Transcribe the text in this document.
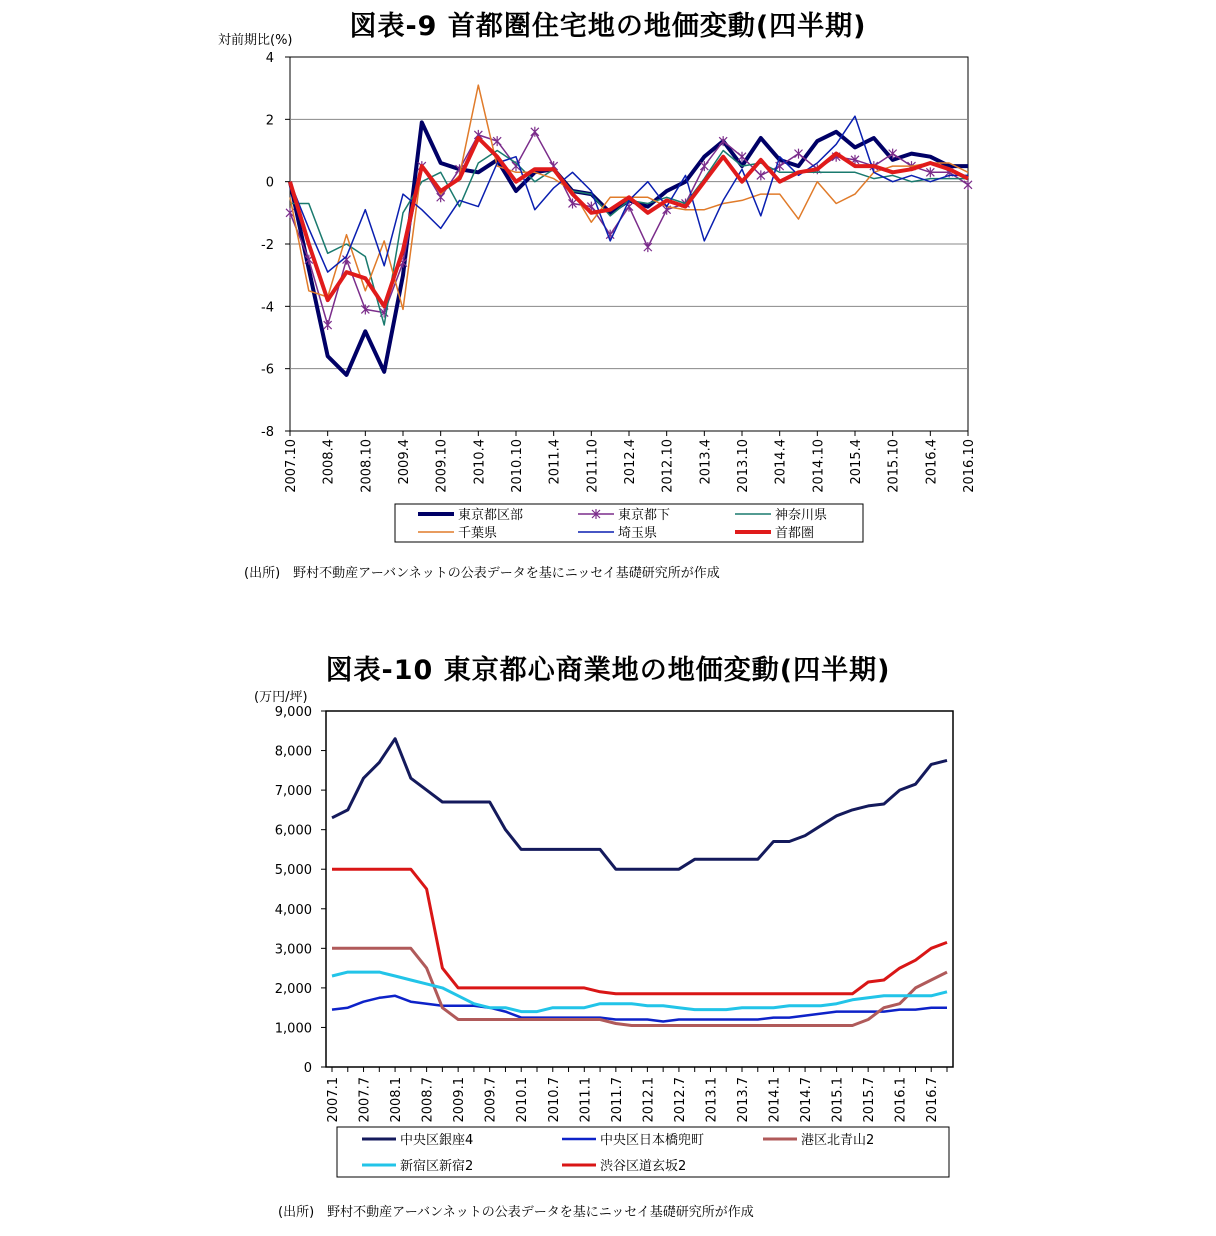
図表-9 首都圏住宅地の地価変動(四半期)
4
2
0
-2
-4
-6
-8
対前期比(%)
2007.10 2008.4 2008.10 2009.4 2009.10 2010.4 2010.10 2011.4 2011.10 2012.4 2012.10 2013.4 2013.10 2014.4 2014.10 2015.4 2015.10 2016.4 2016.10
東京都区部	東京都下	神奈川県
千葉県	埼玉県	首都圏
(出所)　野村不動産アーバンネットの公表データを基にニッセイ基礎研究所が作成
図表-10 東京都心商業地の地価変動(四半期)
9,000
8,000
7,000
6,000
5,000
4,000
3,000
2,000
1,000
0
(万円/坪)
2007.1 2007.7 2008.1 2008.7 2009.1 2009.7 2010.1 2010.7 2011.1 2011.7 2012.1 2012.7 2013.1 2013.7 2014.1 2014.7 2015.1 2015.7 2016.1 2016.7
中央区銀座4	中央区日本橋兜町	港区北青山2
新宿区新宿2	渋谷区道玄坂2
(出所)　野村不動産アーバンネットの公表データを基にニッセイ基礎研究所が作成
